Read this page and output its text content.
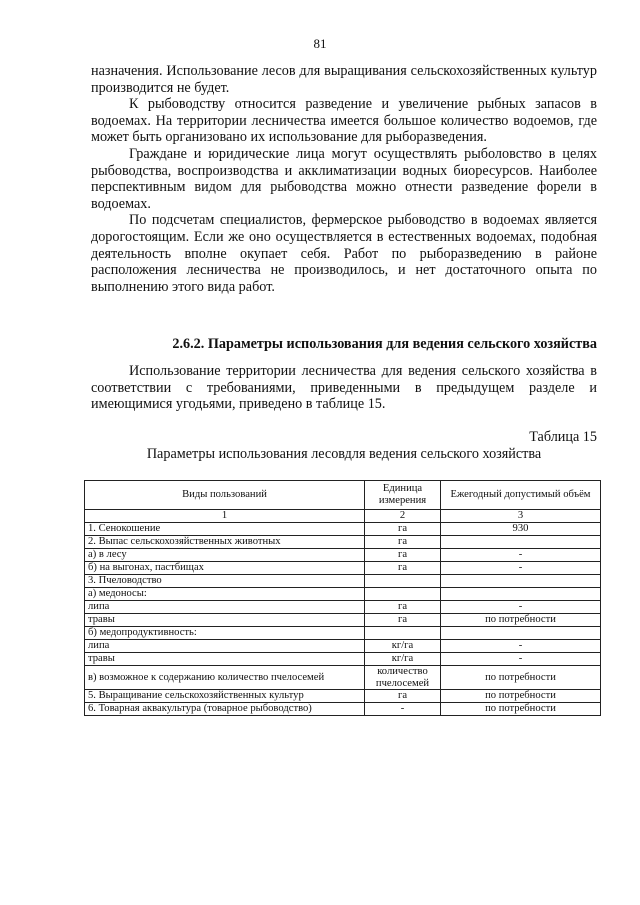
81

назначения. Использование лесов для выращивания сельскохозяйственных культур производится не будет.

К рыбоводству относится разведение и увеличение рыбных запасов в водоемах. На территории лесничества имеется большое количество водоемов, где может быть организовано их использование для рыборазведения.

Граждане и юридические лица могут осуществлять рыболовство в целях рыбоводства, воспроизводства и акклиматизации водных биоресурсов. Наиболее перспективным видом для рыбоводства можно отнести разведение форели в водоемах.

По подсчетам специалистов, фермерское рыбоводство в водоемах является дорогостоящим. Если же оно осуществляется в естественных водоемах, подобная деятельность вполне окупает себя. Работ по рыборазведению в районе расположения лесничества не производилось, и нет достаточного опыта по выполнению этого вида работ.

2.6.2. Параметры использования для ведения сельского хозяйства
Использование территории лесничества для ведения сельского хозяйства в соответствии с требованиями, приведенными в предыдущем разделе и имеющимися угодьями, приведено в таблице 15.
Таблица 15
Параметры использования лесовдля ведения сельского хозяйства
Виды пользований	Единица измерения	Ежегодный допустимый объём
1	2	3
1. Сенокошение	га	930
2. Выпас сельскохозяйственных животных	га	
а) в лесу	га	-
б) на выгонах, пастбищах	га	-
3. Пчеловодство		
а) медоносы:		
липа	га	-
травы	га	по потребности
б) медопродуктивность:		
липа	кг/га	-
травы	кг/га	-
в) возможное к содержанию количество пчелосемей	количество пчелосемей	по потребности
5. Выращивание сельскохозяйственных культур	га	по потребности
6. Товарная аквакультура (товарное рыбоводство)	-	по потребности
